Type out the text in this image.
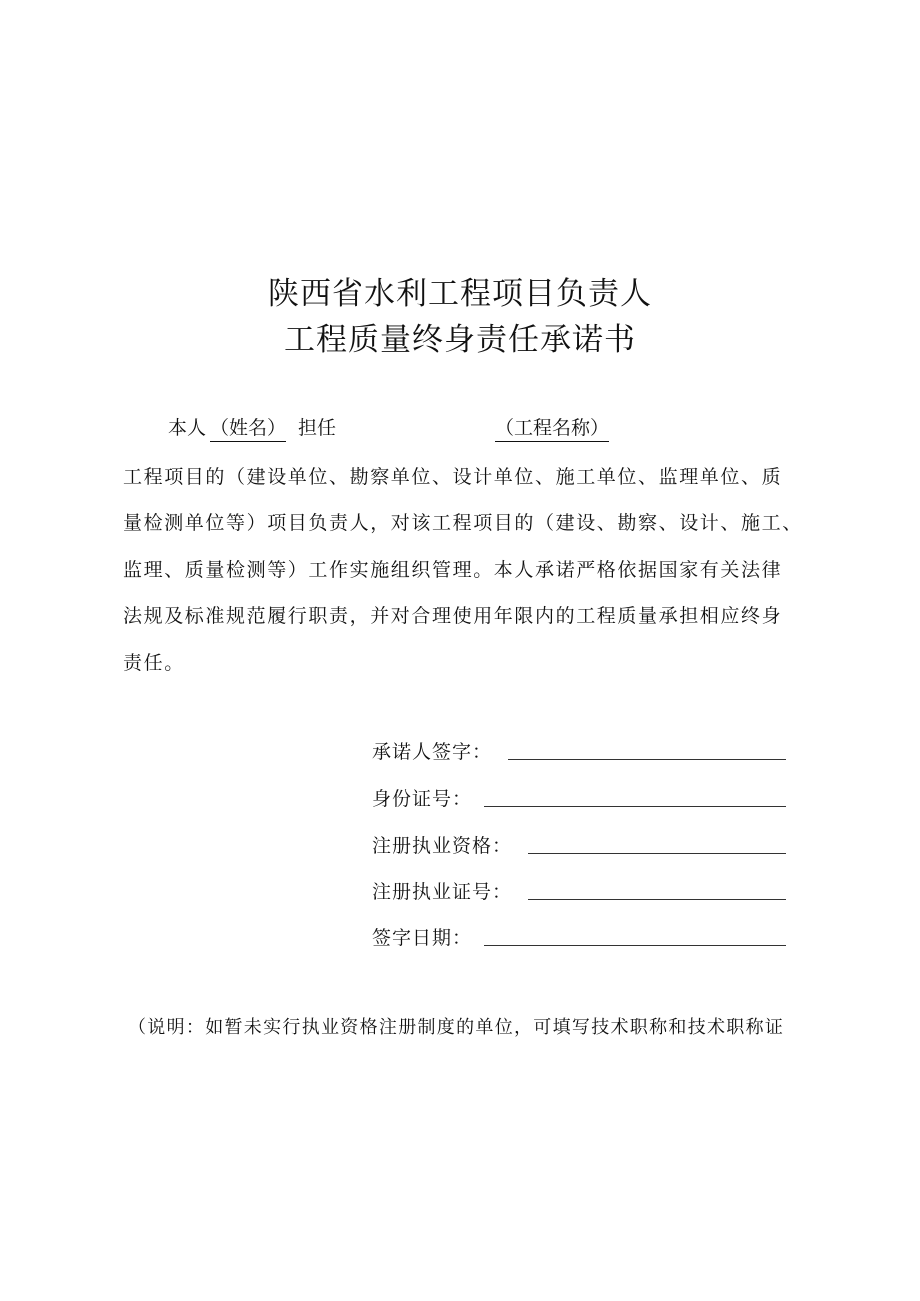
陕西省水利工程项目负责人
工程质量终身责任承诺书
本人 （姓名） 担任	（工程名称）
工程项目的（建设单位、勘察单位、设计单位、施工单位、监理单位、质
量检测单位等）项目负责人，对该工程项目的（建设、勘察、设计、施工、
监理、质量检测等）工作实施组织管理。本人承诺严格依据国家有关法律
法规及标准规范履行职责，并对合理使用年限内的工程质量承担相应终身
责任。
承诺人签字：
身份证号：
注册执业资格：
注册执业证号：
签字日期：
（说明：如暂未实行执业资格注册制度的单位，可填写技术职称和技术职称证
